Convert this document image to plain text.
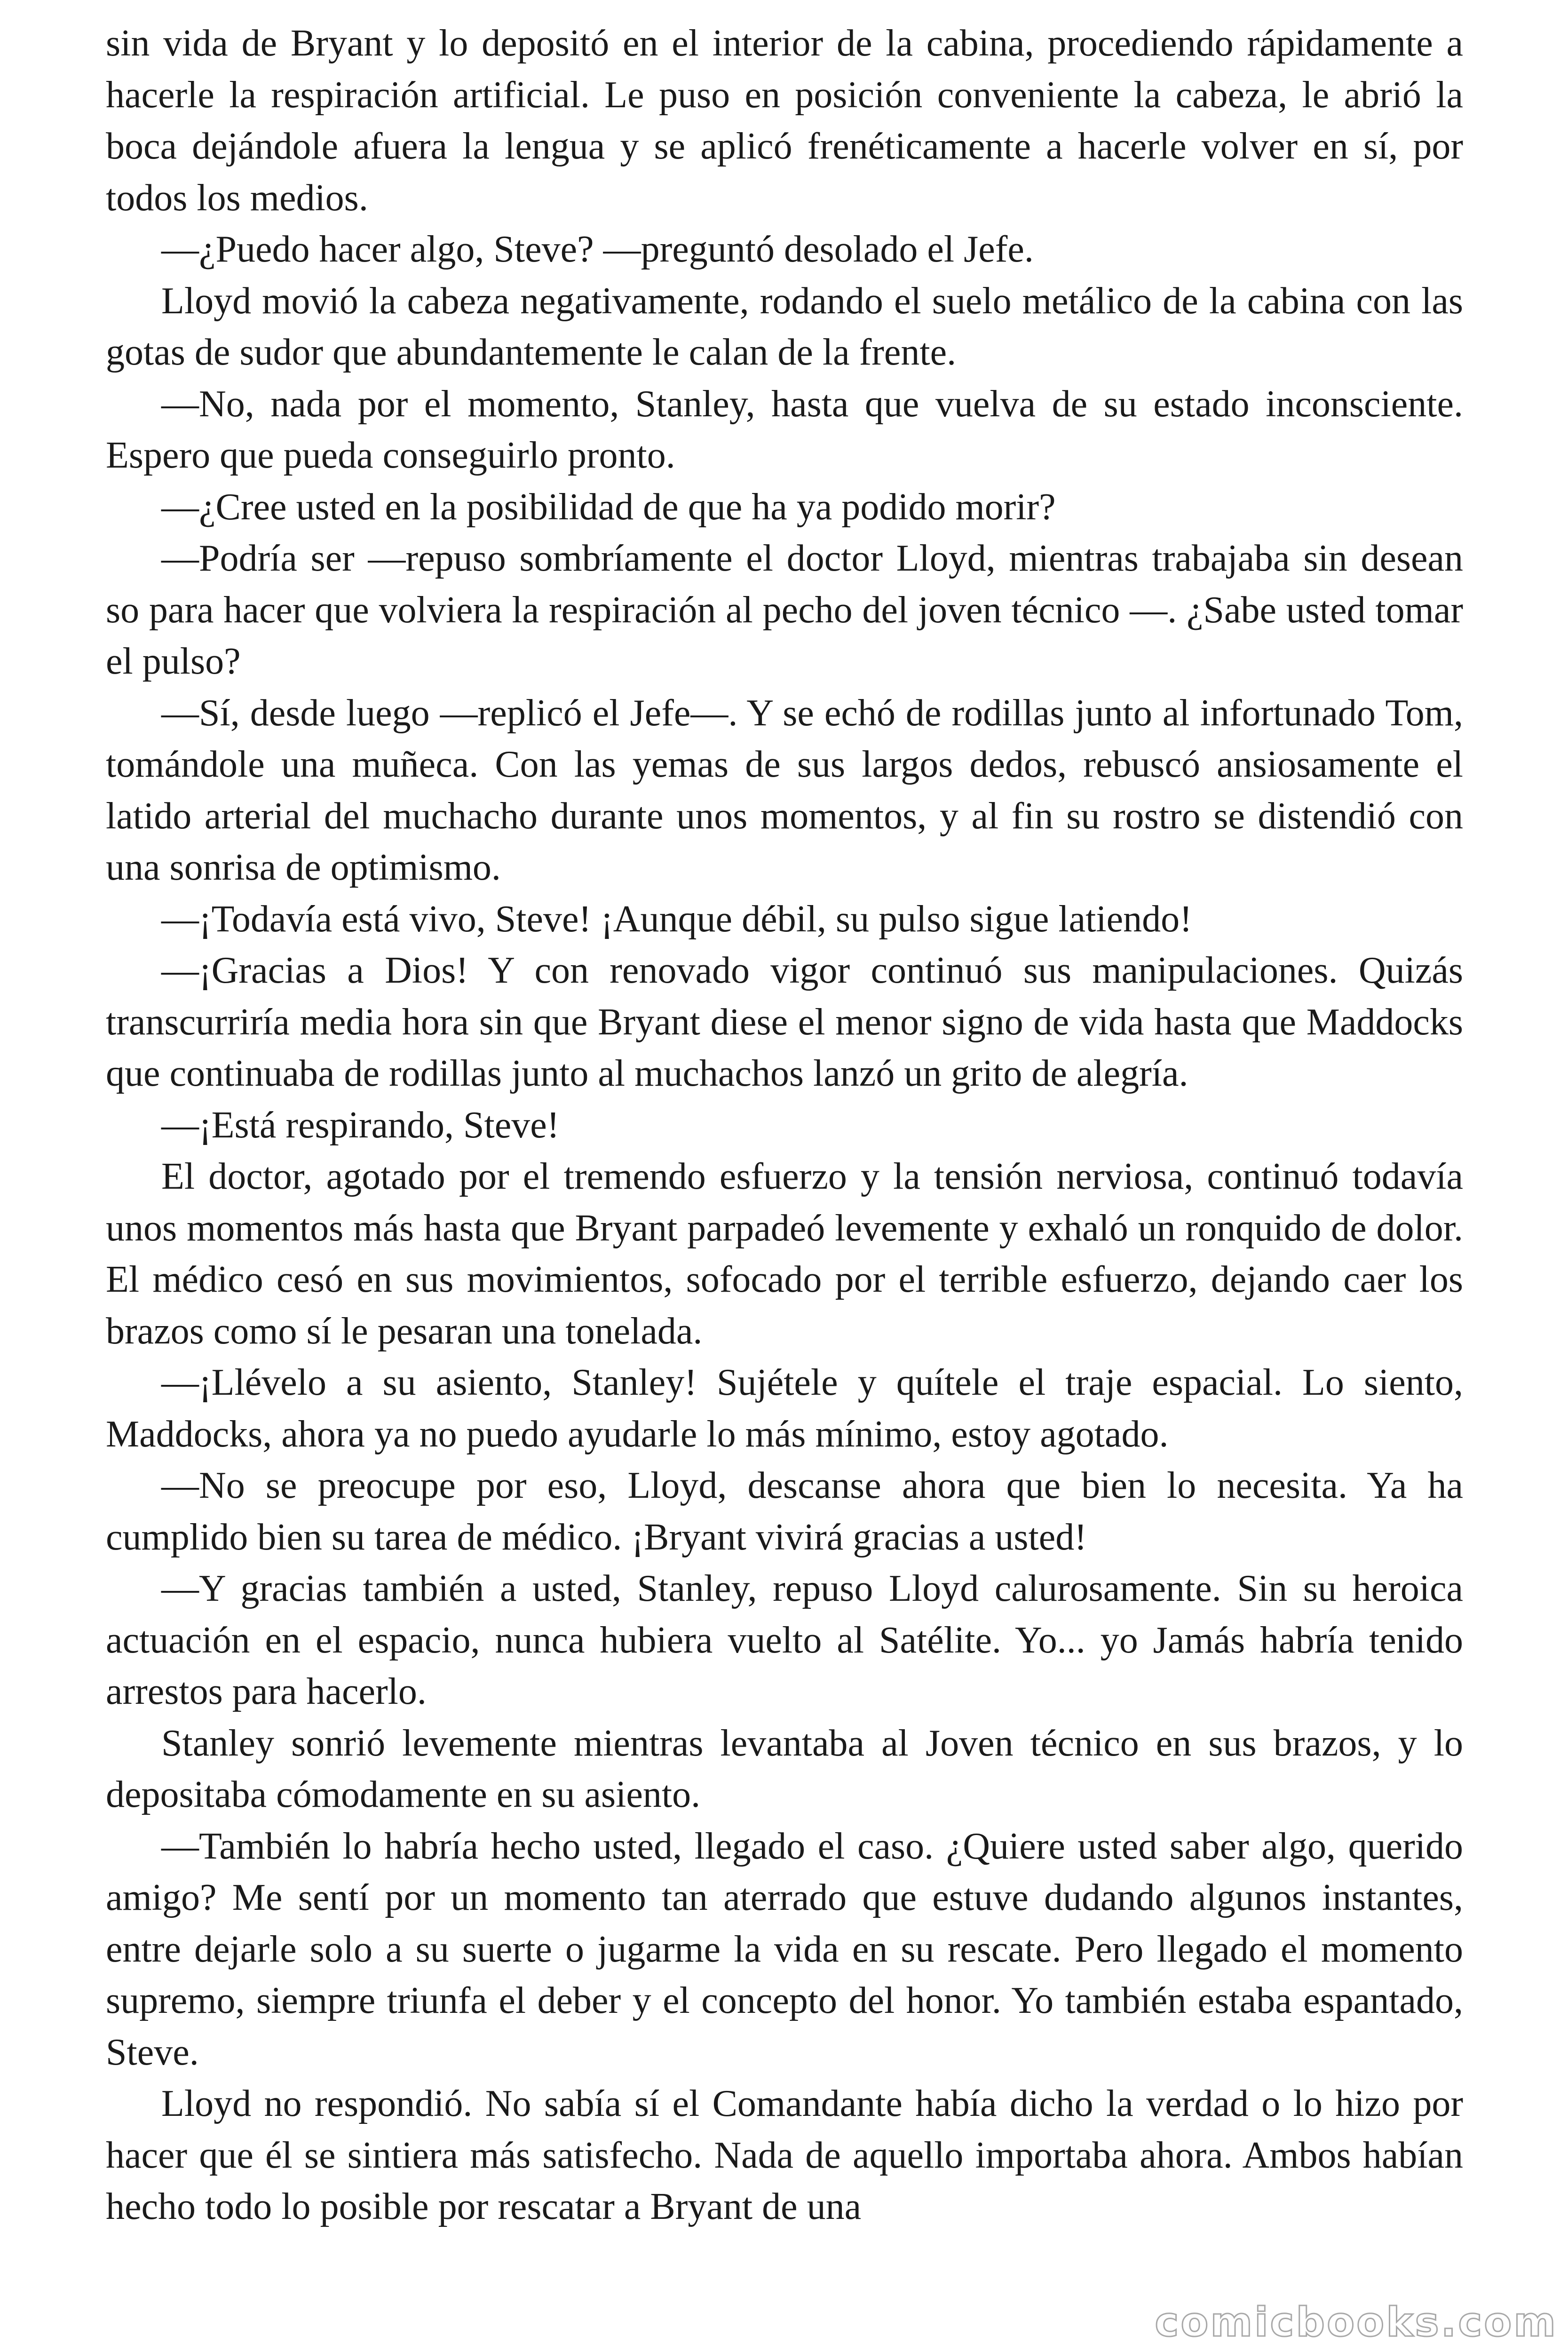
sin vida de Bryant y lo depositó en el interior de la cabina, procediendo rápidamente a hacerle la respiración artificial. Le puso en posición conveniente la cabeza, le abrió la boca dejándole afuera la lengua y se aplicó frenéticamente a hacerle volver en sí, por todos los medios.

—¿Puedo hacer algo, Steve? —preguntó desolado el Jefe.

Lloyd movió la cabeza negativamente, rodando el suelo metálico de la cabina con las gotas de sudor que abundantemente le calan de la frente.

—No, nada por el momento, Stanley, hasta que vuelva de su estado inconsciente. Espero que pueda conseguirlo pronto.

—¿Cree usted en la posibilidad de que ha ya podido morir?

—Podría ser —repuso sombríamente el doctor Lloyd, mientras trabajaba sin desean so para hacer que volviera la respiración al pecho del joven técnico —. ¿Sabe usted tomar el pulso?

—Sí, desde luego —replicó el Jefe—. Y se echó de rodillas junto al infortunado Tom, tomándole una muñeca. Con las yemas de sus largos dedos, rebuscó ansiosamente el latido arterial del muchacho durante unos momentos, y al fin su rostro se distendió con una sonrisa de optimismo.

—¡Todavía está vivo, Steve! ¡Aunque débil, su pulso sigue latiendo!

—¡Gracias a Dios! Y con renovado vigor continuó sus manipulaciones. Quizás transcurriría media hora sin que Bryant diese el menor signo de vida hasta que Maddocks que continuaba de rodillas junto al muchachos lanzó un grito de alegría.

—¡Está respirando, Steve!

El doctor, agotado por el tremendo esfuerzo y la tensión nerviosa, continuó todavía unos momentos más hasta que Bryant parpadeó levemente y exhaló un ronquido de dolor. El médico cesó en sus movimientos, sofocado por el terrible esfuerzo, dejando caer los brazos como sí le pesaran una tonelada.

—¡Llévelo a su asiento, Stanley! Sujétele y quítele el traje espacial. Lo siento, Maddocks, ahora ya no puedo ayudarle lo más mínimo, estoy agotado.

—No se preocupe por eso, Lloyd, descanse ahora que bien lo necesita. Ya ha cumplido bien su tarea de médico. ¡Bryant vivirá gracias a usted!

—Y gracias también a usted, Stanley, repuso Lloyd calurosamente. Sin su heroica actuación en el espacio, nunca hubiera vuelto al Satélite. Yo... yo Jamás habría tenido arrestos para hacerlo.

Stanley sonrió levemente mientras levantaba al Joven técnico en sus brazos, y lo depositaba cómodamente en su asiento.

—También lo habría hecho usted, llegado el caso. ¿Quiere usted saber algo, querido amigo? Me sentí por un momento tan aterrado que estuve dudando algunos instantes, entre dejarle solo a su suerte o jugarme la vida en su rescate. Pero llegado el momento supremo, siempre triunfa el deber y el concepto del honor. Yo también estaba espantado, Steve.

Lloyd no respondió. No sabía sí el Comandante había dicho la verdad o lo hizo por hacer que él se sintiera más satisfecho. Nada de aquello importaba ahora. Ambos habían hecho todo lo posible por rescatar a Bryant de una

comicbooks.com
